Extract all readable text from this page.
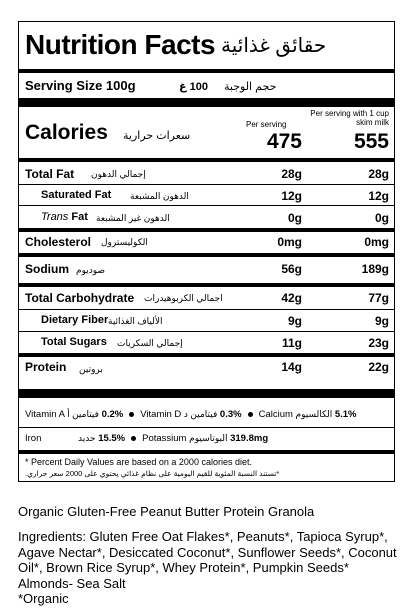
Nutrition Facts حقائق غذائية
Serving Size 100g	100 غ حجم الوجبة
Calories سعرات حرارية
Per serving
Per serving with 1 cup skim milk
475 555
Total Fat إجمالي الدهون	28g	28g
Saturated Fat الدهون المشبعة	12g	12g
Trans Fat الدهون غير المشبعة	0g	0g
Cholesterol الكوليسترول	0mg	0mg
Sodium صوديوم	56g	189g
Total Carbohydrate اجمالي الكربوهيدرات	42g	77g
Dietary Fiber الألياف الغذائية	9g	9g
Total Sugars إجمالي السكريات	11g	23g
Protein بروتين	14g	22g
Vitamin A فيتامين أ 0.2% Vitamin D فيتامين د 0.3% Calcium الكالسيوم 5.1%
Iron	حديد 15.5% Potassium البوتاسيوم 319.8mg
* Percent Daily Values are based on a 2000 calories diet.
*تستند النسبة المئوية للقيم اليومية على نظام غذائي يحتوي على 2000 سعر حراري.
Organic Gluten-Free Peanut Butter Protein Granola
Ingredients: Gluten Free Oat Flakes*, Peanuts*, Tapioca Syrup*, Agave Nectar*, Desiccated Coconut*, Sunflower Seeds*, Coconut Oil*, Brown Rice Syrup*, Whey Protein*, Pumpkin Seeds* Almonds- Sea Salt
*Organic
